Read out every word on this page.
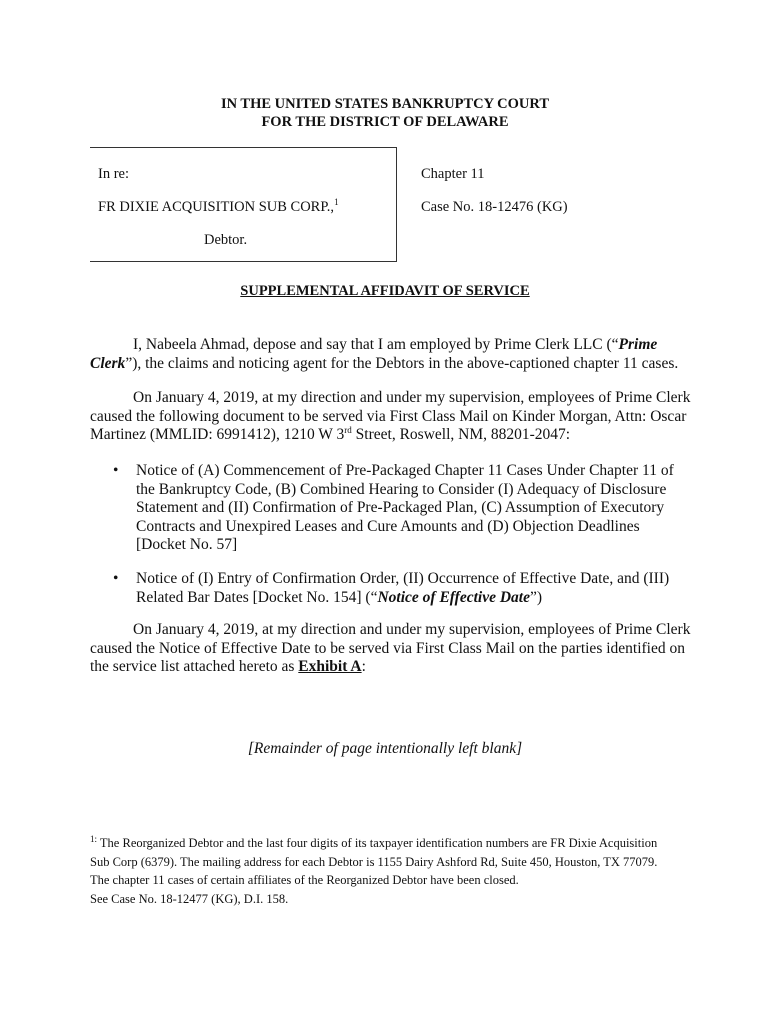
IN THE UNITED STATES BANKRUPTCY COURT
FOR THE DISTRICT OF DELAWARE
In re:
FR DIXIE ACQUISITION SUB CORP.,$^1$
Debtor.
Chapter 11
Case No. 18-12476 (KG)
SUPPLEMENTAL AFFIDAVIT OF SERVICE
I, Nabeela Ahmad, depose and say that I am employed by Prime Clerk LLC (“Prime
Clerk”), the claims and noticing agent for the Debtors in the above-captioned chapter 11 cases.
On January 4, 2019, at my direction and under my supervision, employees of Prime Clerk
caused the following document to be served via First Class Mail on Kinder Morgan, Attn: Oscar
Martinez (MMLID: 6991412), 1210 W 3rd Street, Roswell, NM, 88201-2047:
• Notice of (A) Commencement of Pre-Packaged Chapter 11 Cases Under Chapter 11 of
the Bankruptcy Code, (B) Combined Hearing to Consider (I) Adequacy of Disclosure
Statement and (II) Confirmation of Pre-Packaged Plan, (C) Assumption of Executory
Contracts and Unexpired Leases and Cure Amounts and (D) Objection Deadlines
[Docket No. 57]
• Notice of (I) Entry of Confirmation Order, (II) Occurrence of Effective Date, and (III)
Related Bar Dates [Docket No. 154] (“Notice of Effective Date”)
On January 4, 2019, at my direction and under my supervision, employees of Prime Clerk
caused the Notice of Effective Date to be served via First Class Mail on the parties identified on
the service list attached hereto as Exhibit A:
[Remainder of page intentionally left blank]
$^{1:}$ The Reorganized Debtor and the last four digits of its taxpayer identification numbers are FR Dixie Acquisition
Sub Corp (6379). The mailing address for each Debtor is 1155 Dairy Ashford Rd, Suite 450, Houston, TX 77079.
The chapter 11 cases of certain affiliates of the Reorganized Debtor have been closed.
See Case No. 18-12477 (KG), D.I. 158.
